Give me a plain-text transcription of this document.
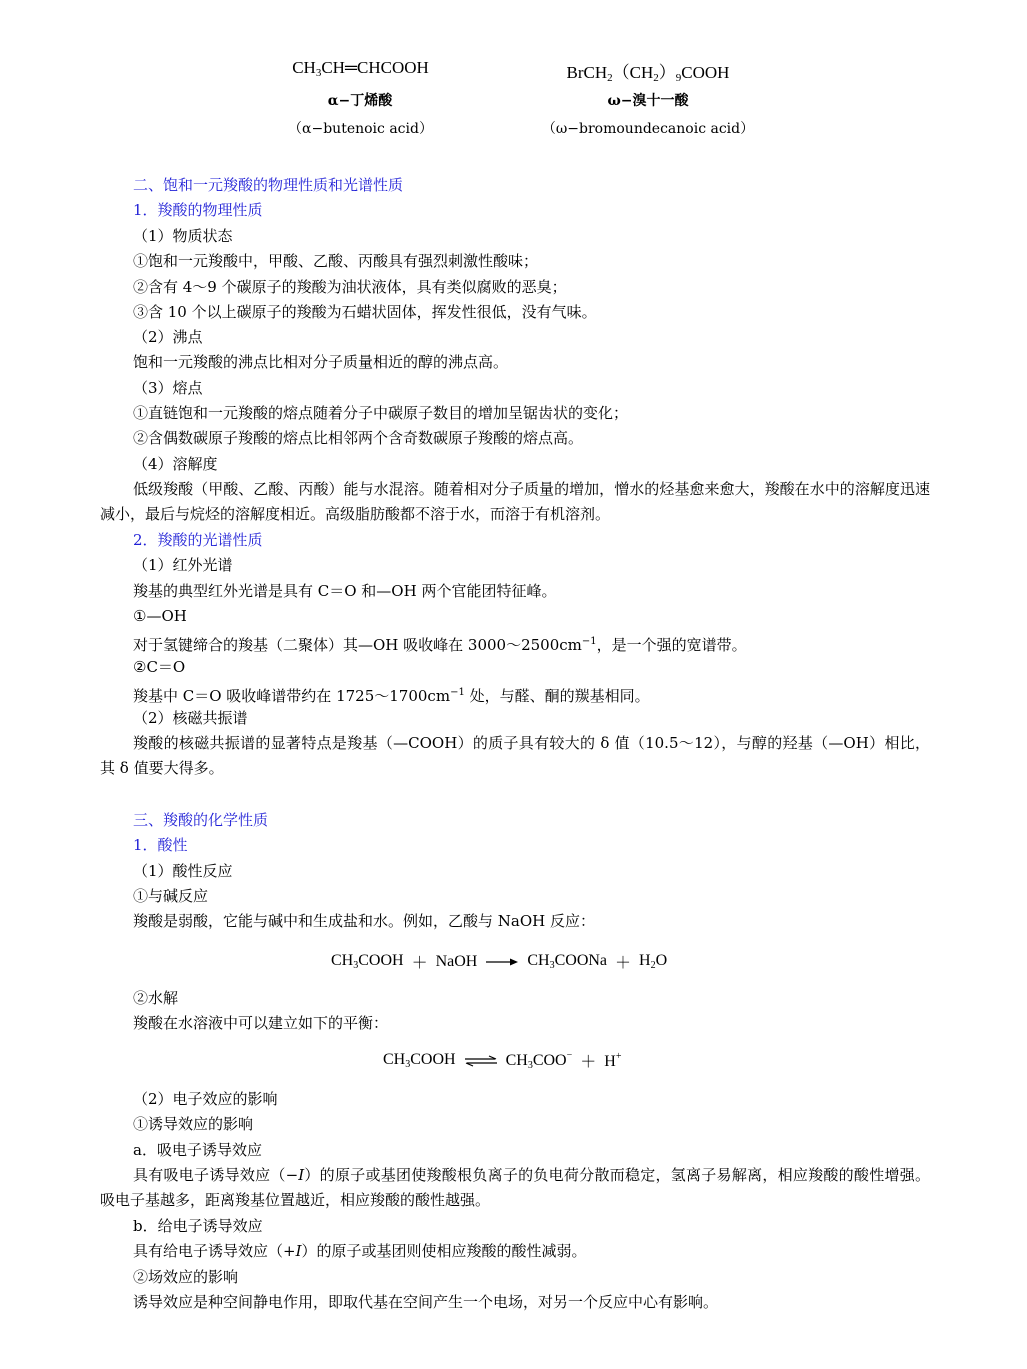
$CH_3CH═CHCOOH$
α−丁烯酸
（α−butenoic acid）
$BrCH_2(CH_2)_9COOH$
ω−溴十一酸
（ω−bromoundecanoic acid）
二、饱和一元羧酸的物理性质和光谱性质
1．羧酸的物理性质
（1）物质状态
①饱和一元羧酸中，甲酸、乙酸、丙酸具有强烈刺激性酸味；
②含有 4～9 个碳原子的羧酸为油状液体，具有类似腐败的恶臭；
③含 10 个以上碳原子的羧酸为石蜡状固体，挥发性很低，没有气味。
（2）沸点
饱和一元羧酸的沸点比相对分子质量相近的醇的沸点高。
（3）熔点
①直链饱和一元羧酸的熔点随着分子中碳原子数目的增加呈锯齿状的变化；
②含偶数碳原子羧酸的熔点比相邻两个含奇数碳原子羧酸的熔点高。
（4）溶解度
低级羧酸（甲酸、乙酸、丙酸）能与水混溶。随着相对分子质量的增加，憎水的烃基愈来愈大，羧酸在水中的溶解度迅速减小，最后与烷烃的溶解度相近。高级脂肪酸都不溶于水，而溶于有机溶剂。
2．羧酸的光谱性质
（1）红外光谱
羧基的典型红外光谱是具有 C＝O 和—OH 两个官能团特征峰。
①—OH
对于氢键缔合的羧基（二聚体）其—OH 吸收峰在 $3000\sim 2500cm^{-1}$，是一个强的宽谱带。
②C＝O
羧基中 C＝O 吸收峰谱带约在 $1725\sim 1700cm^{-1}$ 处，与醛、酮的羰基相同。
（2）核磁共振谱
羧酸的核磁共振谱的显著特点是羧基（—COOH）的质子具有较大的 δ 值（10.5～12），与醇的羟基（—OH）相比，其 δ 值要大得多。
三、羧酸的化学性质
1．酸性
（1）酸性反应
①与碱反应
羧酸是弱酸，它能与碱中和生成盐和水。例如，乙酸与 NaOH 反应：
$CH_3COOH$ ＋ NaOH → $CH_3COONa + H_2O$
②水解
羧酸在水溶液中可以建立如下的平衡：
$CH_3COOH$ ⇌ $CH_3COO^- + H^+$
（2）电子效应的影响
①诱导效应的影响
a．吸电子诱导效应
具有吸电子诱导效应（−I）的原子或基团使羧酸根负离子的负电荷分散而稳定，氢离子易解离，相应羧酸的酸性增强。吸电子基越多，距离羧基位置越近，相应羧酸的酸性越强。
b．给电子诱导效应
具有给电子诱导效应（+I）的原子或基团则使相应羧酸的酸性减弱。
②场效应的影响
诱导效应是种空间静电作用，即取代基在空间产生一个电场，对另一个反应中心有影响。
